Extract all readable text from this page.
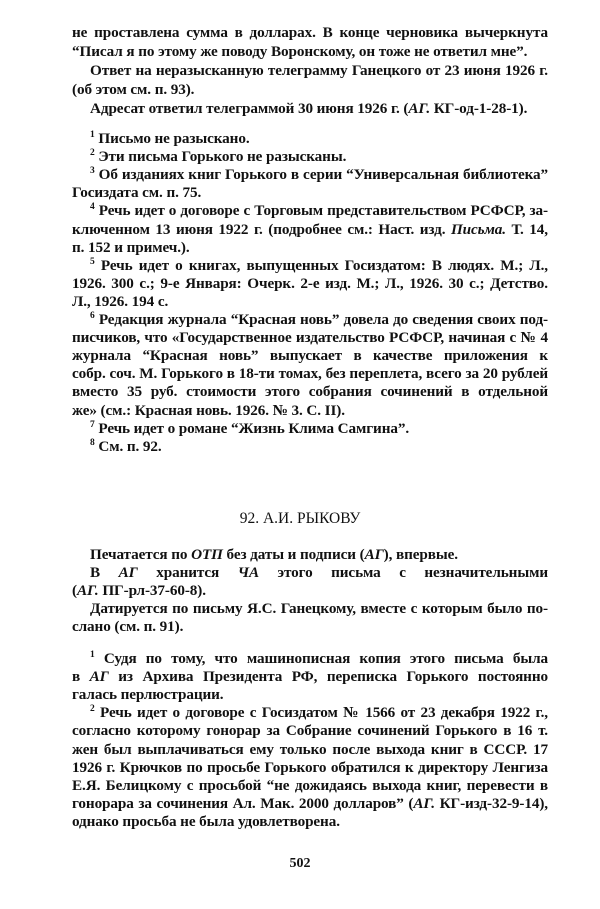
не проставлена сумма в долларах. В конце черновика вычеркнута
“Писал я по этому же поводу Воронскому, он тоже не ответил мне”.
Ответ на неразысканную телеграмму Ганецкого от 23 июня 1926 г.
(об этом см. п. 93).
Адресат ответил телеграммой 30 июня 1926 г. (АГ. КГ-од-1-28-1).
$^1$ Письмо не разыскано.
$^2$ Эти письма Горького не разысканы.
$^3$ Об изданиях книг Горького в серии “Универсальная библиотека”
Госиздата см. п. 75.
$^4$ Речь идет о договоре с Торговым представительством РСФСР, за-
ключенном 13 июня 1922 г. (подробнее см.: Наст. изд. Письма. Т. 14,
п. 152 и примеч.).
$^5$ Речь идет о книгах, выпущенных Госиздатом: В людях. М.; Л.,
1926. 300 с.; 9-е Января: Очерк. 2-е изд. М.; Л., 1926. 30 с.; Детство.
Л., 1926. 194 с.
$^6$ Редакция журнала “Красная новь” довела до сведения своих под-
писчиков, что «Государственное издательство РСФСР, начиная с № 4
журнала “Красная новь” выпускает в качестве приложения к
собр. соч. М. Горького в 18-ти томах, без переплета, всего за 20 рублей
вместо 35 руб. стоимости этого собрания сочинений в отдельной
же» (см.: Красная новь. 1926. № 3. С. II).
$^7$ Речь идет о романе “Жизнь Клима Самгина”.
$^8$ См. п. 92.
92. А.И. РЫКОВУ
Печатается по ОТП без даты и подписи (АГ), впервые.
В АГ хранится ЧА этого письма с незначительными
(АГ. ПГ-рл-37-60-8).
Датируется по письму Я.С. Ганецкому, вместе с которым было по-
слано (см. п. 91).
$^1$ Судя по тому, что машинописная копия этого письма была
в АГ из Архива Президента РФ, переписка Горького постоянно
галась перлюстрации.
$^2$ Речь идет о договоре с Госиздатом № 1566 от 23 декабря 1922 г.,
согласно которому гонорар за Собрание сочинений Горького в 16 т.
жен был выплачиваться ему только после выхода книг в СССР. 17
1926 г. Крючков по просьбе Горького обратился к директору Ленгиза
Е.Я. Белицкому с просьбой “не дожидаясь выхода книг, перевести в
гонорара за сочинения Ал. Мак. 2000 долларов” (АГ. КГ-изд-32-9-14),
однако просьба не была удовлетворена.
502
